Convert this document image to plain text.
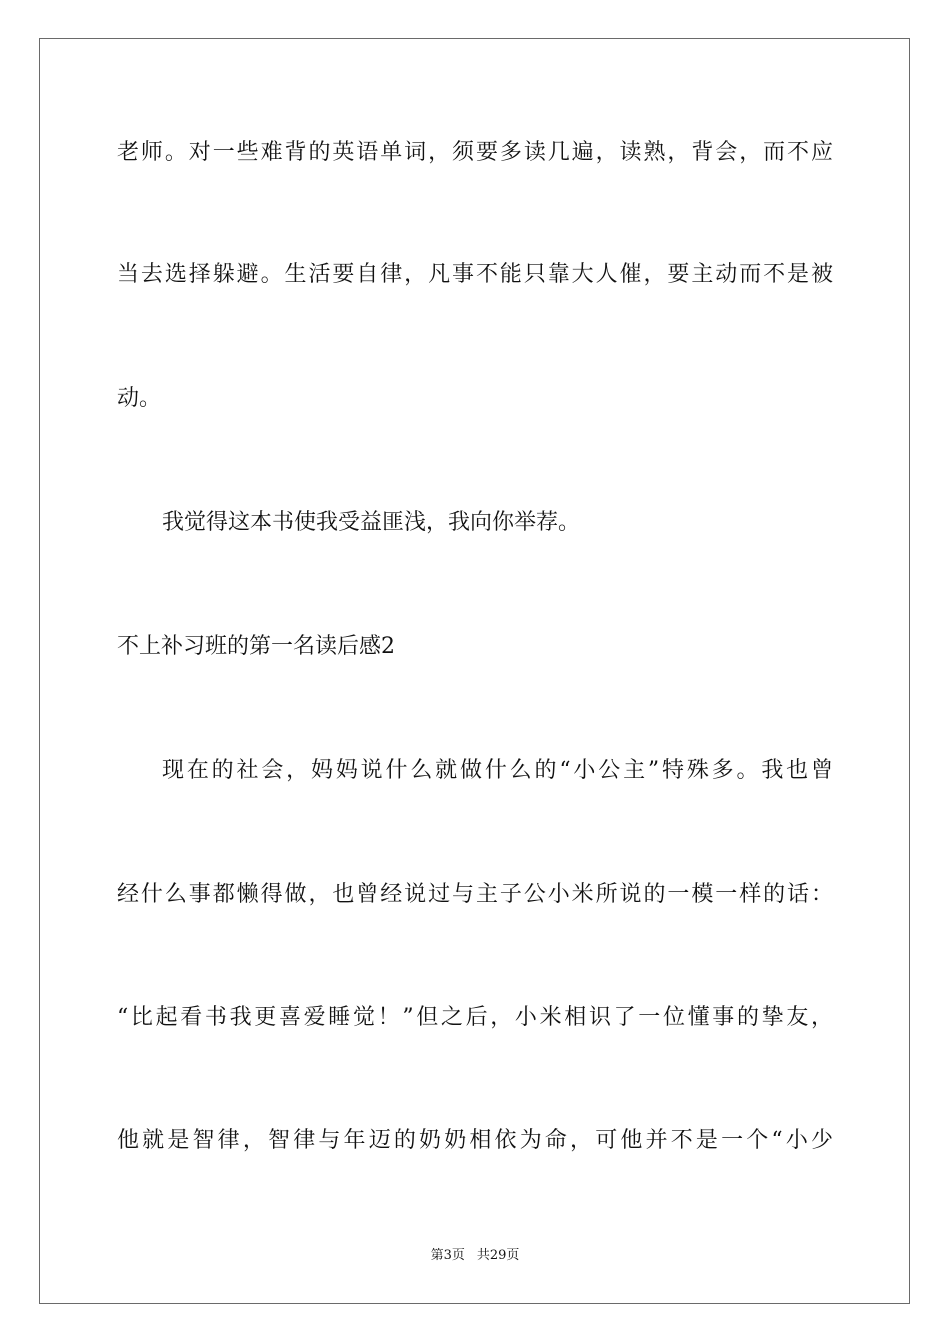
老师。对一些难背的英语单词，须要多读几遍，读熟，背会，而不应
当去选择躲避。生活要自律，凡事不能只靠大人催，要主动而不是被
动。
我觉得这本书使我受益匪浅，我向你举荐。
不上补习班的第一名读后感2
现在的社会，妈妈说什么就做什么的“小公主”特殊多。我也曾
经什么事都懒得做，也曾经说过与主子公小米所说的一模一样的话：
“比起看书我更喜爱睡觉！”但之后，小米相识了一位懂事的挚友，
他就是智律，智律与年迈的奶奶相依为命，可他并不是一个“小少
第3页 共29页
